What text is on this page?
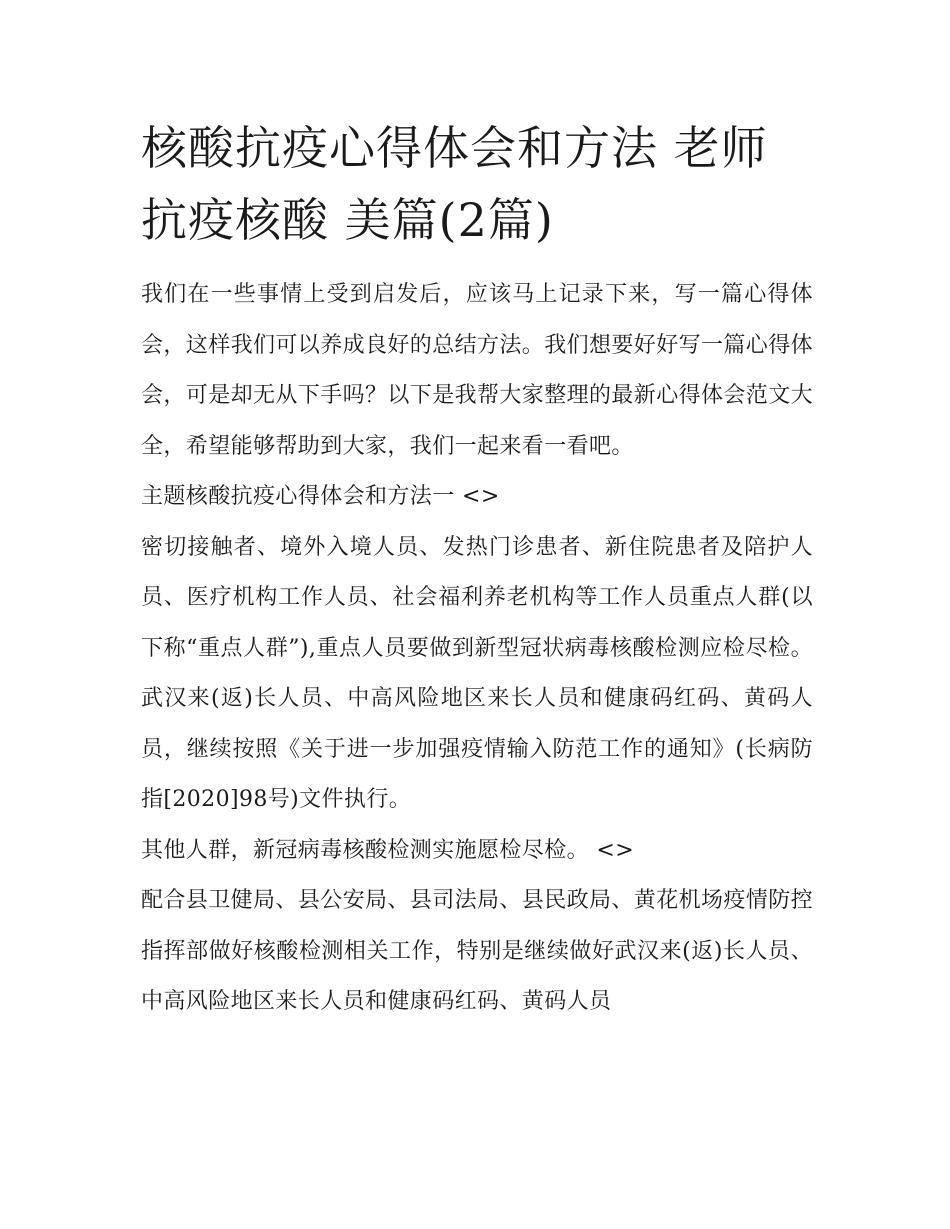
核酸抗疫心得体会和方法 老师抗疫核酸 美篇(2篇)

我们在一些事情上受到启发后，应该马上记录下来，写一篇心得体会，这样我们可以养成良好的总结方法。我们想要好好写一篇心得体会，可是却无从下手吗？以下是我帮大家整理的最新心得体会范文大全，希望能够帮助到大家，我们一起来看一看吧。

主题核酸抗疫心得体会和方法一 <>

密切接触者、境外入境人员、发热门诊患者、新住院患者及陪护人员、医疗机构工作人员、社会福利养老机构等工作人员重点人群(以下称“重点人群”),重点人员要做到新型冠状病毒核酸检测应检尽检。武汉来(返)长人员、中高风险地区来长人员和健康码红码、黄码人员，继续按照《关于进一步加强疫情输入防范工作的通知》(长病防指[2020]98号)文件执行。

其他人群，新冠病毒核酸检测实施愿检尽检。 <>

配合县卫健局、县公安局、县司法局、县民政局、黄花机场疫情防控指挥部做好核酸检测相关工作，特别是继续做好武汉来(返)长人员、中高风险地区来长人员和健康码红码、黄码人员
